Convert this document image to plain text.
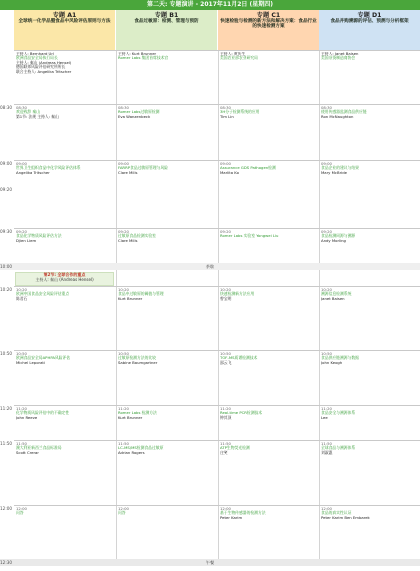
第二天: 专题演讲 - 2017年11月2日 (星期四)
专题 A1
全球统一化学品暨食品中风险评估原则与方法
专题 B1
食品过敏原：检测、管理与预防
专题 C1
快速检验与检测的新方法和解决方案：食品行业的快速检测方案
专题 D1
食品并购溯源的评估、预测与分析框架
主持人: Bernhard Url
欧洲食品安全局执行局长
主持人: 秦山 (Andreas Hensel)
德国联邦风险评估研究所所长
联合主持人: Angelika Tritscher
主持人: Kurt Brunner
Romer Labs 集团首席技术官
主持人: 黄庆生
美国农业部农业研究局
主持人: Janet Baisen
美国杂货制造商协会
08:30
欢迎致辞 秦山
第1节: 法规 主持人: 秦山
08:30
Romer Labs过敏原检测
Eva Wanzenbeck
08:30
3H分子检测系统的应用
Tim Lin
08:30
使用传感器监测食品供应链
Ron McNaughton
09:00
世界卫生组织食品中化学风险评估体系
Angelika Tritscher
09:00
FARRP食品过敏原管理与风险
Clare Mills
09:00
Assurance GDS Pathogen检测
Marlita Ko
09:00
食品企业的建议与结果
Mary McBride
09:20
食品化学物质风险评估方法
Djien Liem
09:20
过敏原食品检测实验室
Clare Mills
09:20
Romer Labs 实验室 Yongwei Liu
09:20
食品检测同源与溯源
Andy Morling
茶歇
第2节: 全球合作的重点
主持人: 秦山 (Andreas Hensel)
10:20
欧洲中国食品安全风险评估重点
陈君石
10:20
食品中过敏原的阈值与管理
Kurt Brunner
10:20
快速检测新方法应用
曾宝明
10:20
溯源信息检测系统
Janet Baisen
10:50
欧洲食品安全局APHPA风险评估
Michel Leporati
10:50
过敏原检测方法的比较
Sabine Baumgartner
10:50
TOF-MS质谱检测技术
邵云飞
10:50
食品供应链溯源与数据
John Keogh
11:20
化学物质风险评估中的不确定性
John Reeve
11:20
Romer Labs 检测方法
Kurt Brunner
11:20
Real-time PCR检测技术
钟其顶
11:20
食品安全与溯源体系
Lee
11:50
澳大利亚新西兰食品标准局
Scott Crerar
11:50
LC-MS/MS检测食品过敏原
Adrian Rogers
11:50
ATP生物荧光检测
庄笑
11:50
全球食品与溯源体系
刘淑惠
12:00
问答
12:00
问答
12:00
基于生物传感器的检测方法
Peter Karim
12:00
食品的真实性认证
Peter Karim Ben Embarek
午餐
08:30
09:00
09:20
09:30
10:00
10:20
10:50
11:20
11:50
12:00
12:30
